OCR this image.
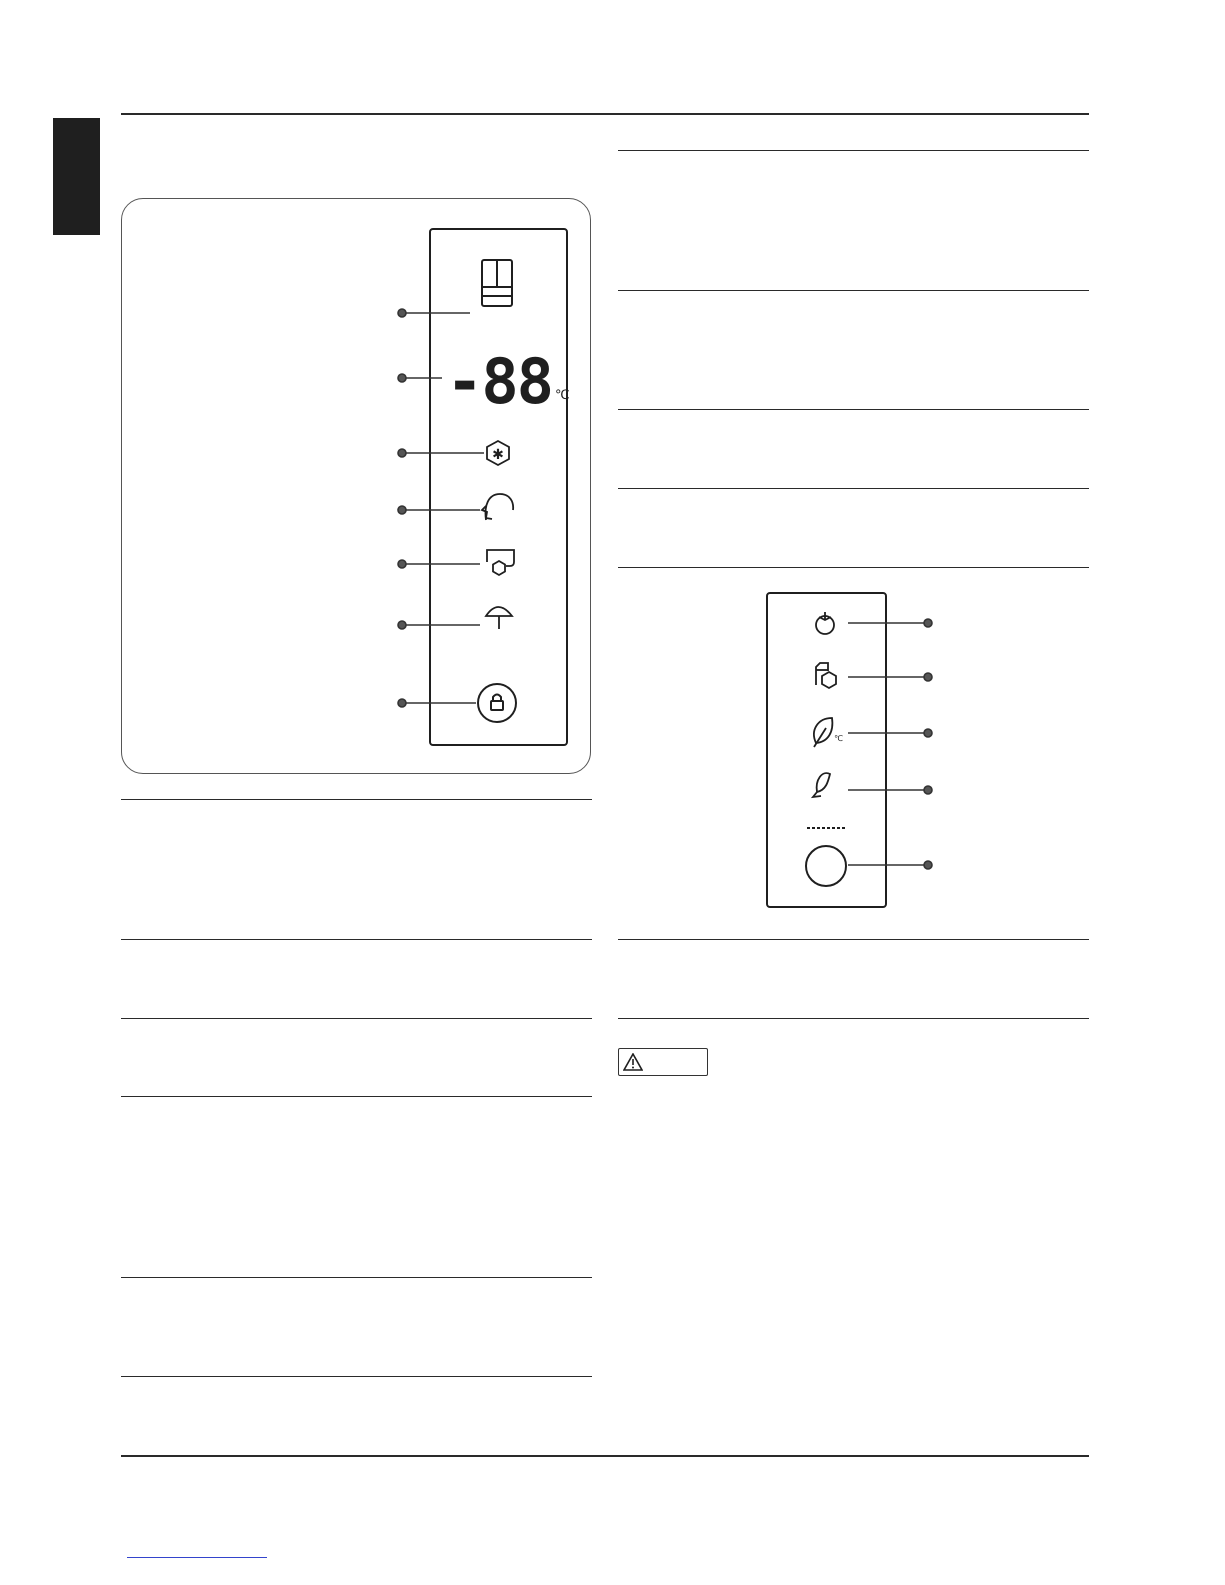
✱
℃
-88 ℃
